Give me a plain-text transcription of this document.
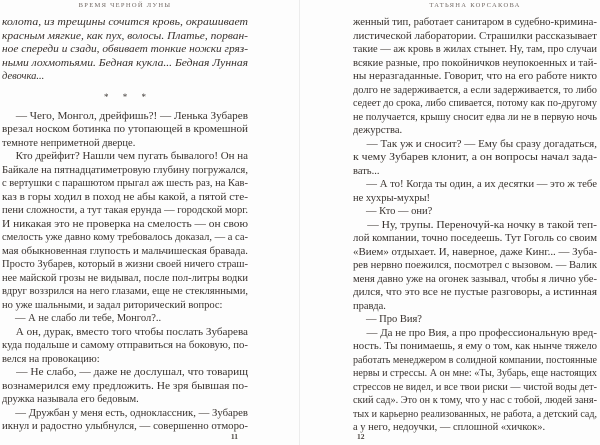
ВРЕМЯ ЧЕРНОЙ ЛУНЫ
колота, из трещины сочится кровь, окрашивает
красным мягкие, как пух, волосы. Платье, порван-
ное спереди и сзади, обвивает тонкие ножки гряз-
ными лохмотьями. Бедная кукла... Бедная Лунная
девочка...
* * *
— Чего, Монгол, дрейфишь?! — Ленька Зубарев
врезал носком ботинка по утопающей в кромешной
темноте неприметной дверце.
Кто дрейфит? Нашли чем пугать бывалого! Он на
Байкале на пятнадцатиметровую глубину погружался,
с вертушки с парашютом прыгал аж шесть раз, на Кав-
каз в горы ходил в поход не абы какой, а пятой сте-
пени сложности, а тут такая ерунда — городской морг.
И никакая это не проверка на смелость — он свою
смелость уже давно кому требовалось доказал, — а са-
мая обыкновенная глупость и мальчишеская бравада.
Просто Зубарев, который в жизни своей ничего страш-
нее майской грозы не видывал, после пол-литры водки
вдруг воззрился на него глазами, еще не стеклянными,
но уже шальными, и задал риторический вопрос:
— А не слабо ли тебе, Монгол?..
А он, дурак, вместо того чтобы послать Зубарева
куда подальше и самому отправиться на боковую, по-
велся на провокацию:
— Не слабо, — даже не дослушал, что товарищ
вознамерился ему предложить. Не зря бывшая по-
дружка называла его бедовым.
— Дружбан у меня есть, одноклассник, — Зубарев
икнул и радостно улыбнулся, — совершенно отморо-
11
ТАТЬЯНА КОРСАКОВА
женный тип, работает санитаром в судебно-кримина-
листической лаборатории. Страшилки рассказывает
такие — аж кровь в жилах стынет. Ну, там, про случаи
всякие разные, про покойничков неупокоенных и тай-
ны неразгаданные. Говорит, что на его работе никто
долго не задерживается, а если задерживается, то либо
седеет до срока, либо спивается, потому как по-другому
не получается, крышу сносит едва ли не в первую ночь
дежурства.
— Так уж и сносит? — Ему бы сразу догадаться,
к чему Зубарев клонит, а он вопросы начал зада-
вать...
— А то! Когда ты один, а их десятки — это ж тебе
не хухры-мухры!
— Кто — они?
— Ну, трупы. Переночуй-ка ночку в такой теп-
лой компании, точно поседеешь. Тут Гоголь со своим
«Вием» отдыхает. И, наверное, даже Кинг... — Зуба-
рев нервно поежился, посмотрел с вызовом. — Валик
меня давно уже на огонек зазывал, чтобы я лично убе-
дился, что это все не пустые разговоры, а истинная
правда.
— Про Вия?
— Да не про Вия, а про профессиональную вред-
ность. Ты понимаешь, я ему о том, как нынче тяжело
работать менеджером в солидной компании, постоянные
нервы и стрессы. А он мне: «Ты, Зубарь, еще настоящих
стрессов не видел, и все твои риски — чистой воды дет-
ский сад». Это он к тому, что у нас с тобой, людей заня-
тых и карьерно реализованных, не работа, а детский сад,
а у него, недоучки, — сплошной «хичкок».
12
